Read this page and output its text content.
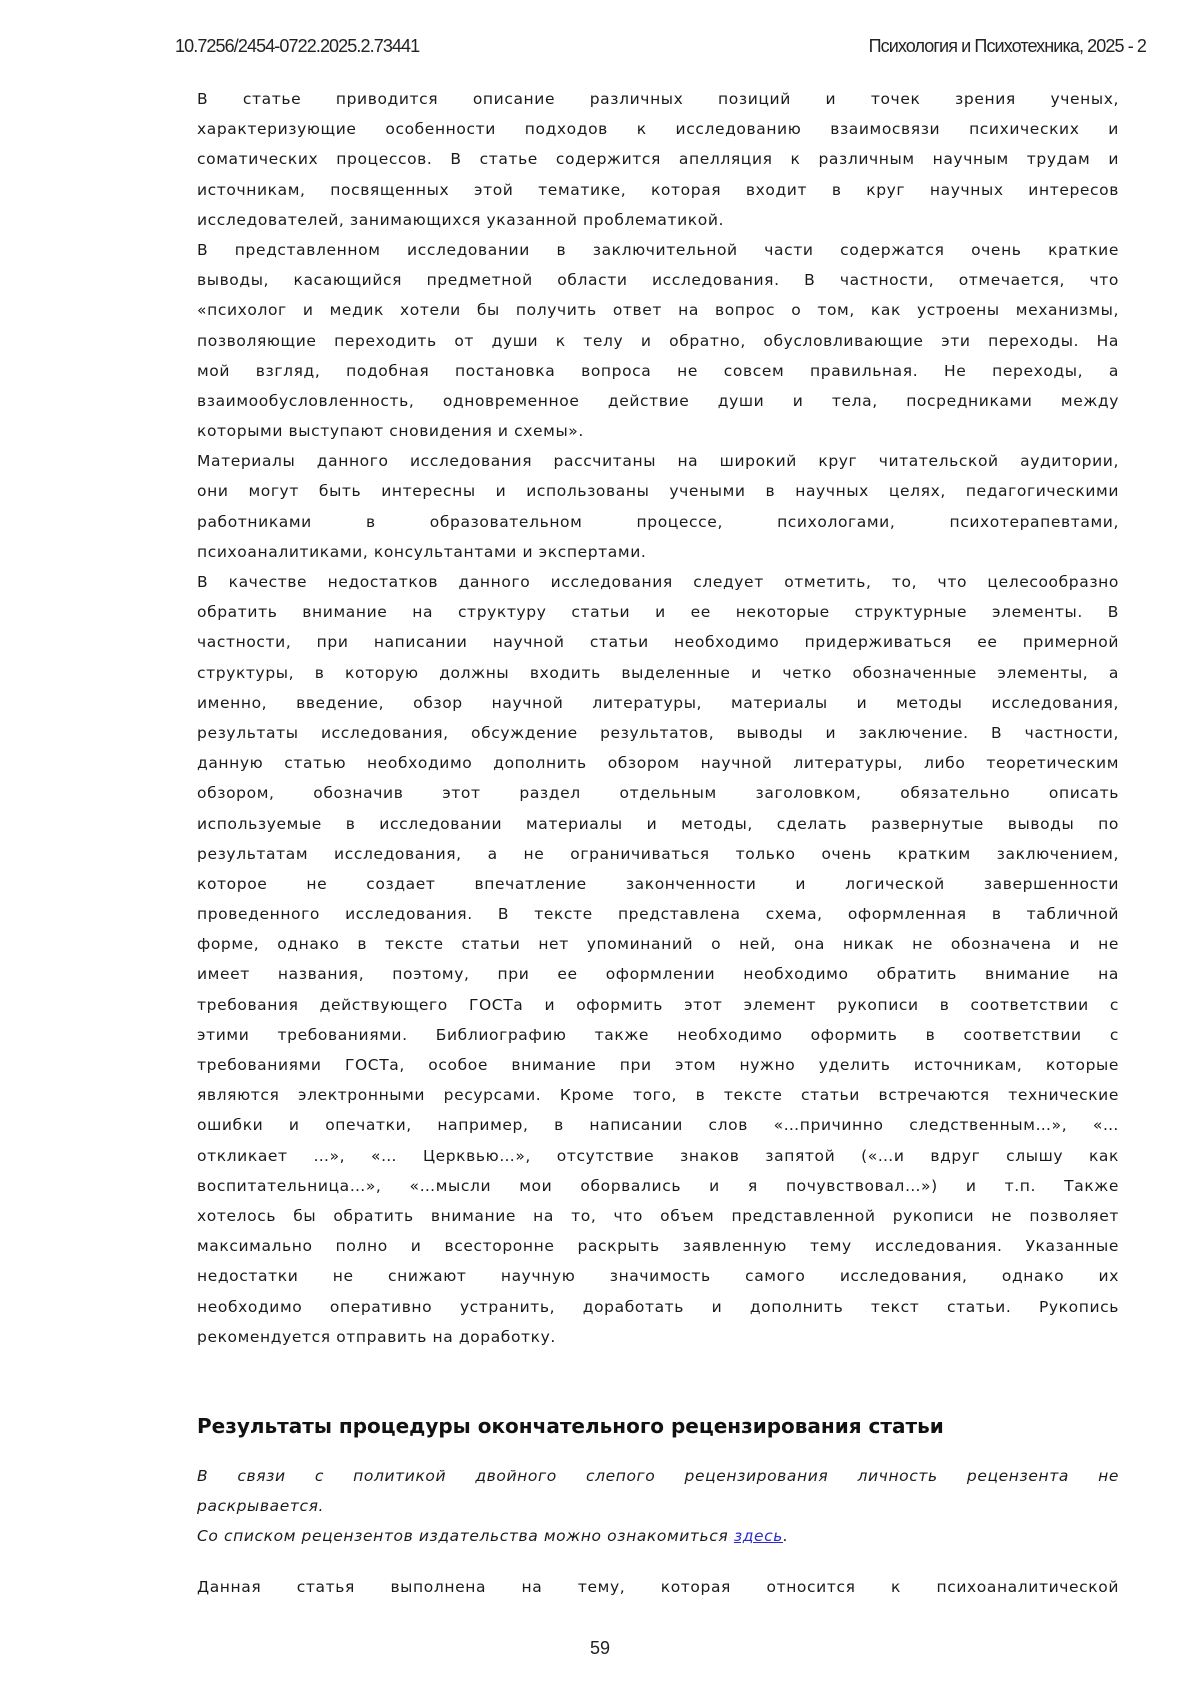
10.7256/2454-0722.2025.2.73441	Психология и Психотехника, 2025 - 2
В статье приводится описание различных позиций и точек зрения ученых,
характеризующие особенности подходов к исследованию взаимосвязи психических и
соматических процессов. В статье содержится апелляция к различным научным трудам и
источникам, посвященных этой тематике, которая входит в круг научных интересов
исследователей, занимающихся указанной проблематикой.
В представленном исследовании в заключительной части содержатся очень краткие
выводы, касающийся предметной области исследования. В частности, отмечается, что
«психолог и медик хотели бы получить ответ на вопрос о том, как устроены механизмы,
позволяющие переходить от души к телу и обратно, обусловливающие эти переходы. На
мой взгляд, подобная постановка вопроса не совсем правильная. Не переходы, а
взаимообусловленность, одновременное действие души и тела, посредниками между
которыми выступают сновидения и схемы».
Материалы данного исследования рассчитаны на широкий круг читательской аудитории,
они могут быть интересны и использованы учеными в научных целях, педагогическими
работниками в образовательном процессе, психологами, психотерапевтами,
психоаналитиками, консультантами и экспертами.
В качестве недостатков данного исследования следует отметить, то, что целесообразно
обратить внимание на структуру статьи и ее некоторые структурные элементы. В
частности, при написании научной статьи необходимо придерживаться ее примерной
структуры, в которую должны входить выделенные и четко обозначенные элементы, а
именно, введение, обзор научной литературы, материалы и методы исследования,
результаты исследования, обсуждение результатов, выводы и заключение. В частности,
данную статью необходимо дополнить обзором научной литературы, либо теоретическим
обзором, обозначив этот раздел отдельным заголовком, обязательно описать
используемые в исследовании материалы и методы, сделать развернутые выводы по
результатам исследования, а не ограничиваться только очень кратким заключением,
которое не создает впечатление законченности и логической завершенности
проведенного исследования. В тексте представлена схема, оформленная в табличной
форме, однако в тексте статьи нет упоминаний о ней, она никак не обозначена и не
имеет названия, поэтому, при ее оформлении необходимо обратить внимание на
требования действующего ГОСТа и оформить этот элемент рукописи в соответствии с
этими требованиями. Библиографию также необходимо оформить в соответствии с
требованиями ГОСТа, особое внимание при этом нужно уделить источникам, которые
являются электронными ресурсами. Кроме того, в тексте статьи встречаются технические
ошибки и опечатки, например, в написании слов «…причинно следственным…», «…
откликает …», «… Церквью…», отсутствие знаков запятой («…и вдруг слышу как
воспитательница…», «…мысли мои оборвались и я почувствовал…») и т.п. Также
хотелось бы обратить внимание на то, что объем представленной рукописи не позволяет
максимально полно и всесторонне раскрыть заявленную тему исследования. Указанные
недостатки не снижают научную значимость самого исследования, однако их
необходимо оперативно устранить, доработать и дополнить текст статьи. Рукопись
рекомендуется отправить на доработку.
Результаты процедуры окончательного рецензирования статьи
В связи с политикой двойного слепого рецензирования личность рецензента не
раскрывается.
Со списком рецензентов издательства можно ознакомиться здесь.
Данная статья выполнена на тему, которая относится к психоаналитической
59
